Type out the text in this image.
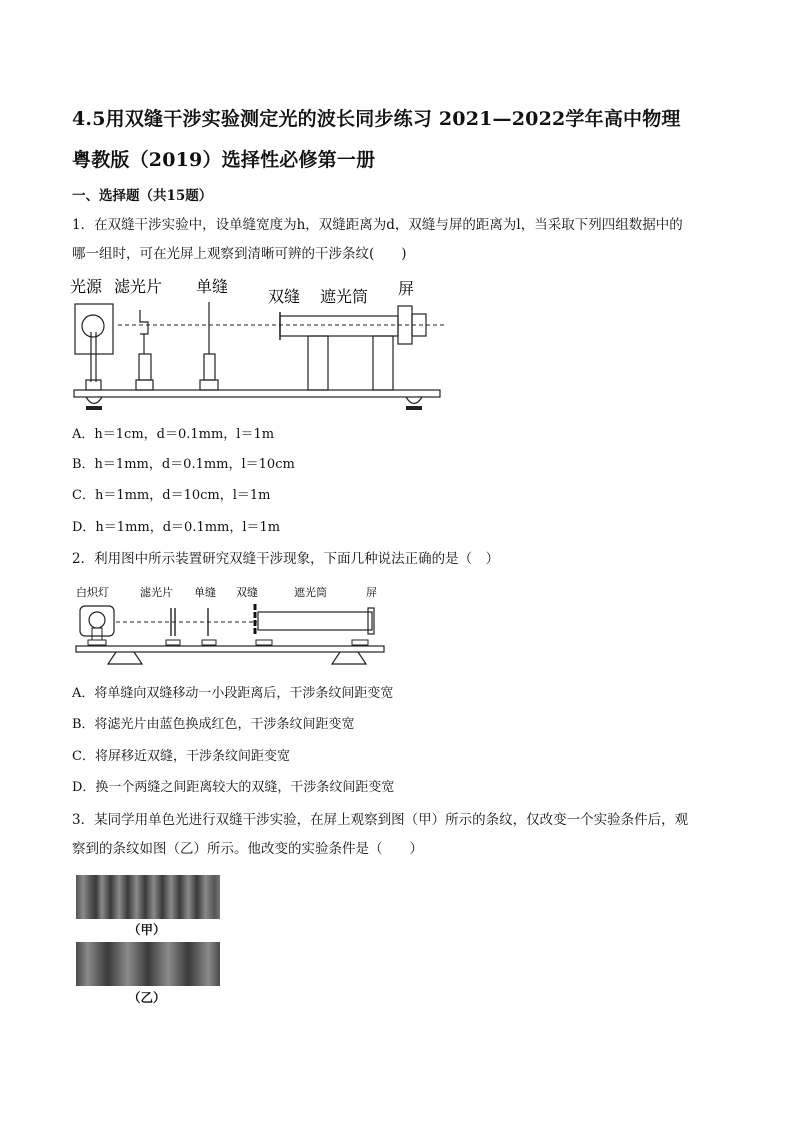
4.5用双缝干涉实验测定光的波长同步练习 2021—2022学年高中物理
粤教版（2019）选择性必修第一册
一、选择题（共15题）
1．在双缝干涉实验中，设单缝宽度为h，双缝距离为d，双缝与屏的距离为l，当采取下列四组数据中的
哪一组时，可在光屏上观察到清晰可辨的干涉条纹(　　)
光源 滤光片 单缝
双缝 遮光筒 屏
A．h＝1cm，d＝0.1mm，l＝1m
B．h＝1mm，d＝0.1mm，l＝10cm
C．h＝1mm，d＝10cm，l＝1m
D．h＝1mm，d＝0.1mm，l＝1m
2．利用图中所示装置研究双缝干涉现象，下面几种说法正确的是（　）
白炽灯	滤光片 单缝 双缝	遮光筒	屏
A．将单缝向双缝移动一小段距离后，干涉条纹间距变宽
B．将滤光片由蓝色换成红色，干涉条纹间距变宽
C．将屏移近双缝，干涉条纹间距变宽
D．换一个两缝之间距离较大的双缝，干涉条纹间距变宽
3．某同学用单色光进行双缝干涉实验，在屏上观察到图（甲）所示的条纹，仅改变一个实验条件后，观
察到的条纹如图（乙）所示。他改变的实验条件是（　　）
（甲）
（乙）
